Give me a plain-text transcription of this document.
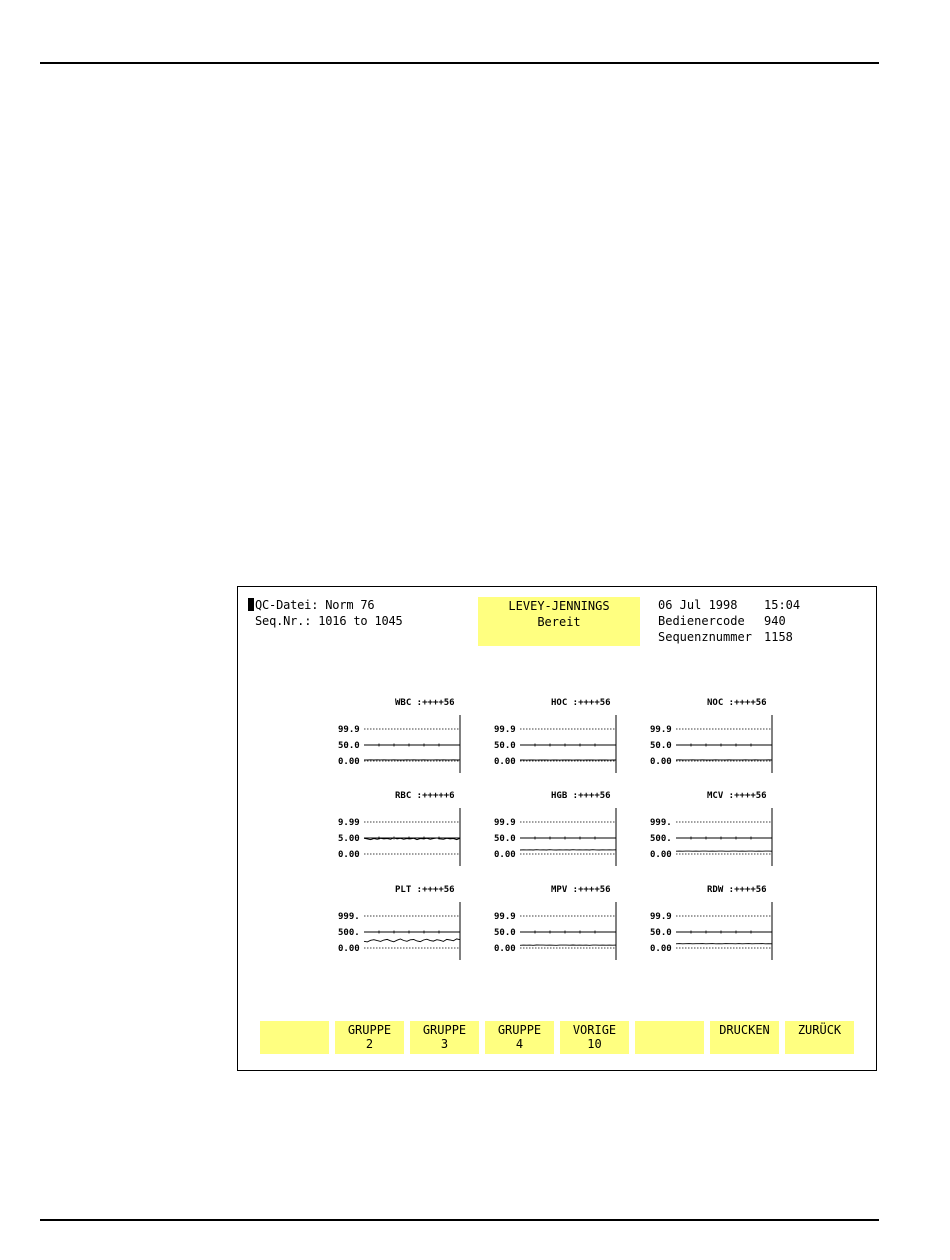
QC-Datei: Norm 76
Seq.Nr.: 1016 to 1045
LEVEY-JENNINGS
Bereit
06 Jul 1998	15:04
Bedienercode	940
Sequenznummer	1158
WBC :++++56
99.9
50.0
0.00
HOC :++++56
99.9
50.0
0.00
NOC :++++56
99.9
50.0
0.00
RBC :+++++6
9.99
5.00
0.00
HGB :++++56
99.9
50.0
0.00
MCV :++++56
999.
500.
0.00
PLT :++++56
999.
500.
0.00
MPV :++++56
99.9
50.0
0.00
RDW :++++56
99.9
50.0
0.00
GRUPPE
2
GRUPPE
3
GRUPPE
4
VORIGE
10
DRUCKEN	ZURÜCK
